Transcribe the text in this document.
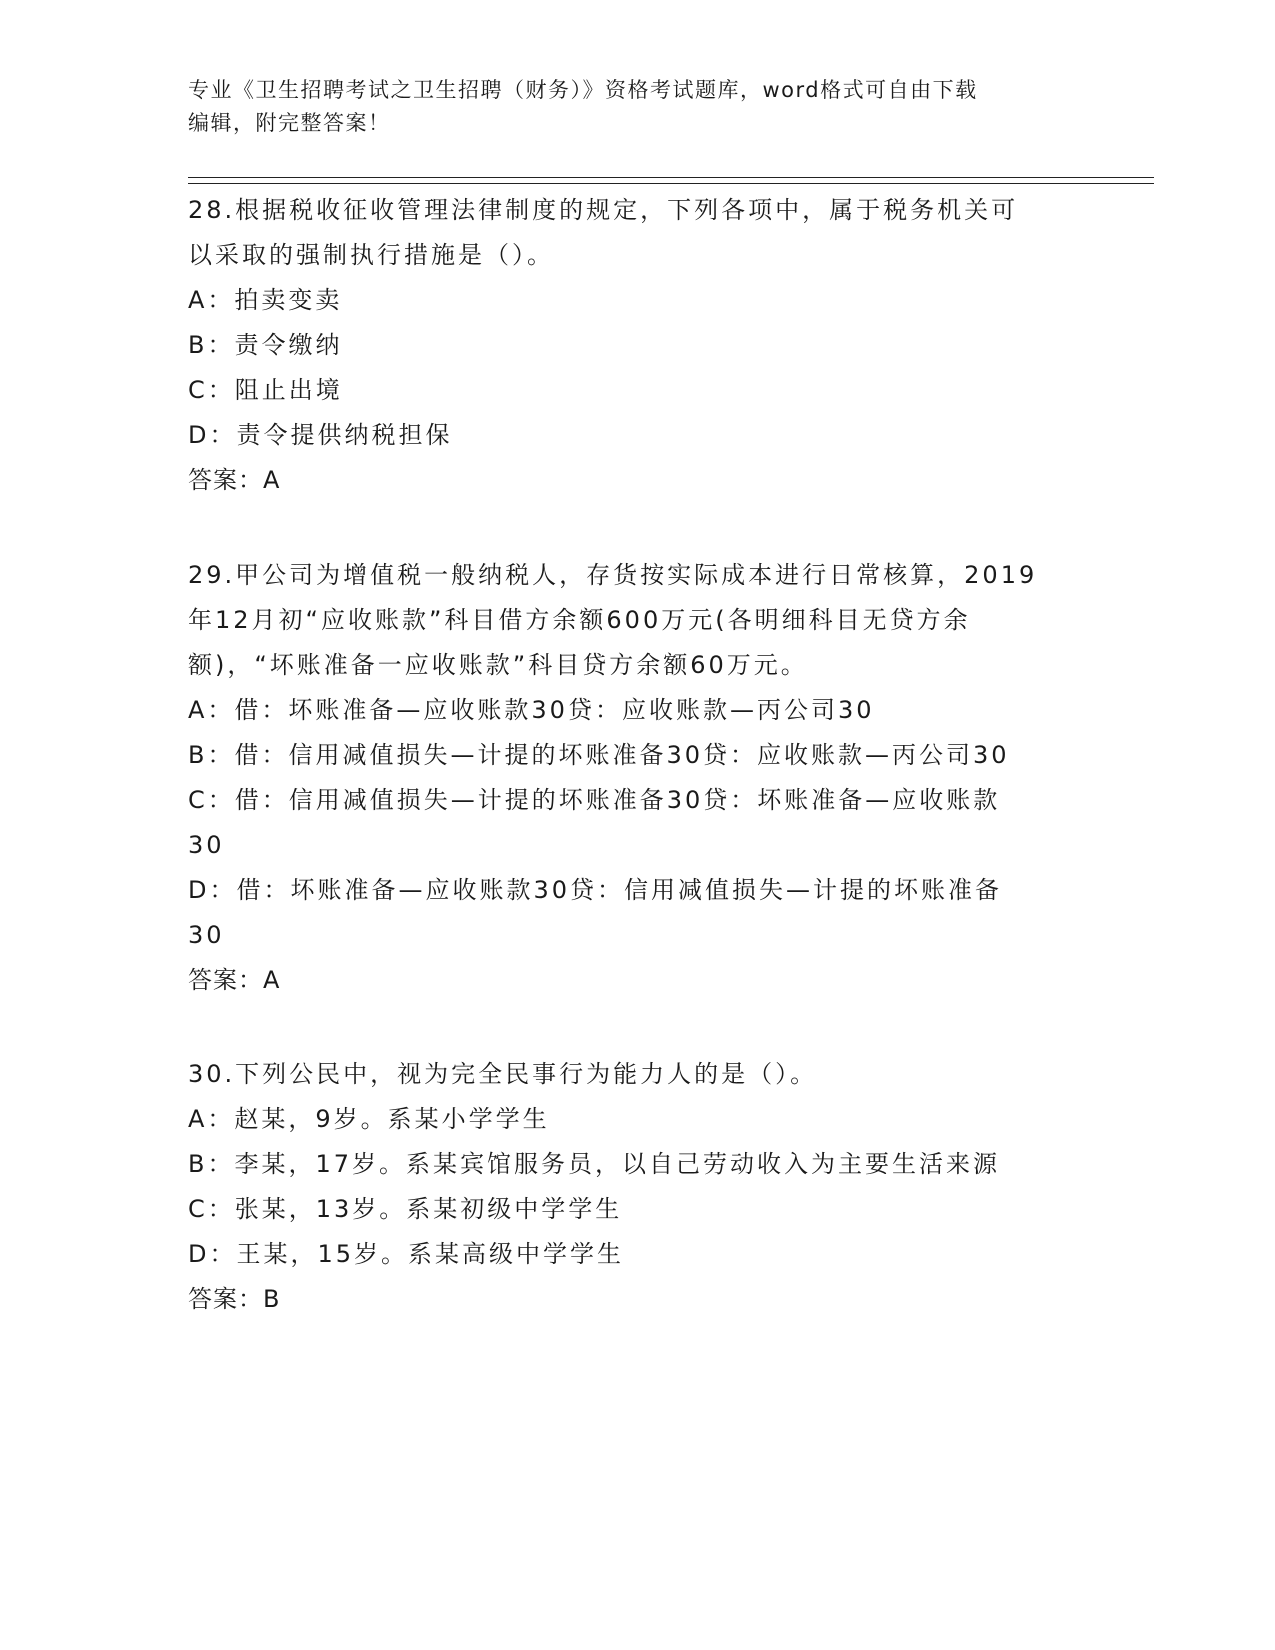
专业《卫生招聘考试之卫生招聘（财务）》资格考试题库，word格式可自由下载
编辑，附完整答案！
28.根据税收征收管理法律制度的规定，下列各项中，属于税务机关可
以采取的强制执行措施是（）。
A：拍卖变卖
B：责令缴纳
C：阻止出境
D：责令提供纳税担保
答案：A
29.甲公司为增值税一般纳税人，存货按实际成本进行日常核算，2019
年12月初“应收账款”科目借方余额600万元(各明细科目无贷方余
额)，“坏账准备一应收账款”科目贷方余额60万元。
A：借：坏账准备—应收账款30贷：应收账款—丙公司30
B：借：信用减值损失—计提的坏账准备30贷：应收账款—丙公司30
C：借：信用减值损失—计提的坏账准备30贷：坏账准备—应收账款
30
D：借：坏账准备—应收账款30贷：信用减值损失—计提的坏账准备
30
答案：A
30.下列公民中，视为完全民事行为能力人的是（）。
A：赵某，9岁。系某小学学生
B：李某，17岁。系某宾馆服务员，以自己劳动收入为主要生活来源
C：张某，13岁。系某初级中学学生
D：王某，15岁。系某高级中学学生
答案：B
